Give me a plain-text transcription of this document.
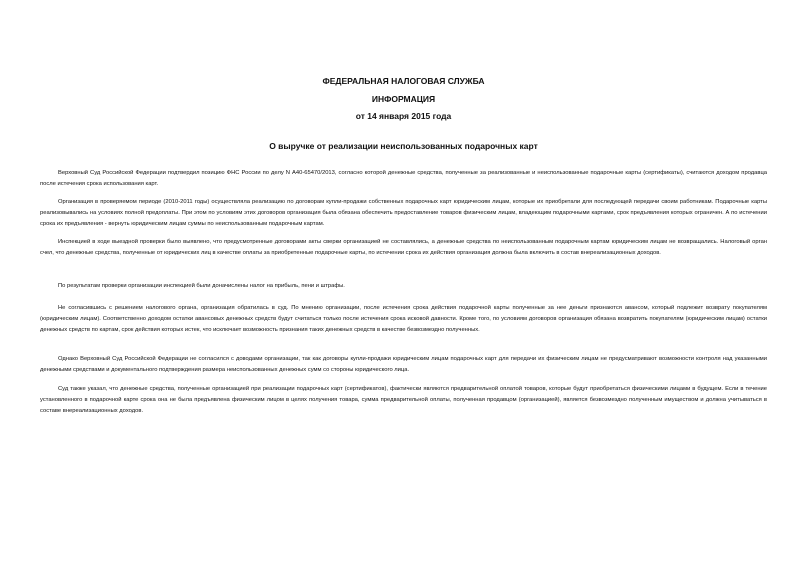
ФЕДЕРАЛЬНАЯ НАЛОГОВАЯ СЛУЖБА
ИНФОРМАЦИЯ
от 14 января 2015 года
О выручке от реализации неиспользованных подарочных карт
Верховный Суд Российской Федерации подтвердил позицию ФНС России по делу N А40-65470/2013, согласно которой денежные средства, полученные за реализованные и неиспользованные подарочные карты (сертификаты), считаются доходом продавца после истечения срока использования карт.
Организация в проверяемом периоде (2010-2011 годы) осуществляла реализацию по договорам купли-продажи собственных подарочных карт юридическим лицам, которые их приобретали для последующей передачи своим работникам. Подарочные карты реализовывались на условиях полной предоплаты. При этом по условиям этих договоров организация была обязана обеспечить предоставление товаров физическим лицам, владеющим подарочными картами, срок предъявления которых ограничен. А по истечении срока их предъявления - вернуть юридическим лицам суммы по неиспользованным подарочным картам.
Инспекцией в ходе выездной проверки было выявлено, что предусмотренные договорами акты сверки организацией не составлялись, а денежные средства по неиспользованным подарочным картам юридическим лицам не возвращались. Налоговый орган счел, что денежные средства, полученные от юридических лиц в качестве оплаты за приобретенные подарочные карты, по истечении срока их действия организация должна была включить в состав внереализационных доходов.
По результатам проверки организации инспекцией были доначислены налог на прибыль, пени и штрафы.
Не согласившись с решением налогового органа, организация обратилась в суд. По мнению организации, после истечения срока действия подарочной карты полученные за нее деньги признаются авансом, который подлежит возврату покупателям (юридическим лицам). Соответственно доходом остатки авансовых денежных средств будут считаться только после истечения срока исковой давности. Кроме того, по условиям договоров организация обязана возвратить покупателям (юридическим лицам) остатки денежных средств по картам, срок действия которых истек, что исключает возможность признания таких денежных средств в качестве безвозмездно полученных.
Однако Верховный Суд Российской Федерации не согласился с доводами организации, так как договоры купли-продажи юридическим лицам подарочных карт для передачи их физическим лицам не предусматривают возможности контроля над указанными денежными средствами и документального подтверждения размера неиспользованных денежных сумм со стороны юридического лица.
Суд также указал, что денежные средства, полученные организацией при реализации подарочных карт (сертификатов), фактически являются предварительной оплатой товаров, которые будут приобретаться физическими лицами в будущем. Если в течение установленного в подарочной карте срока она не была предъявлена физическим лицом в целях получения товара, сумма предварительной оплаты, полученная продавцом (организацией), является безвозмездно полученным имуществом и должна учитываться в составе внереализационных доходов.
